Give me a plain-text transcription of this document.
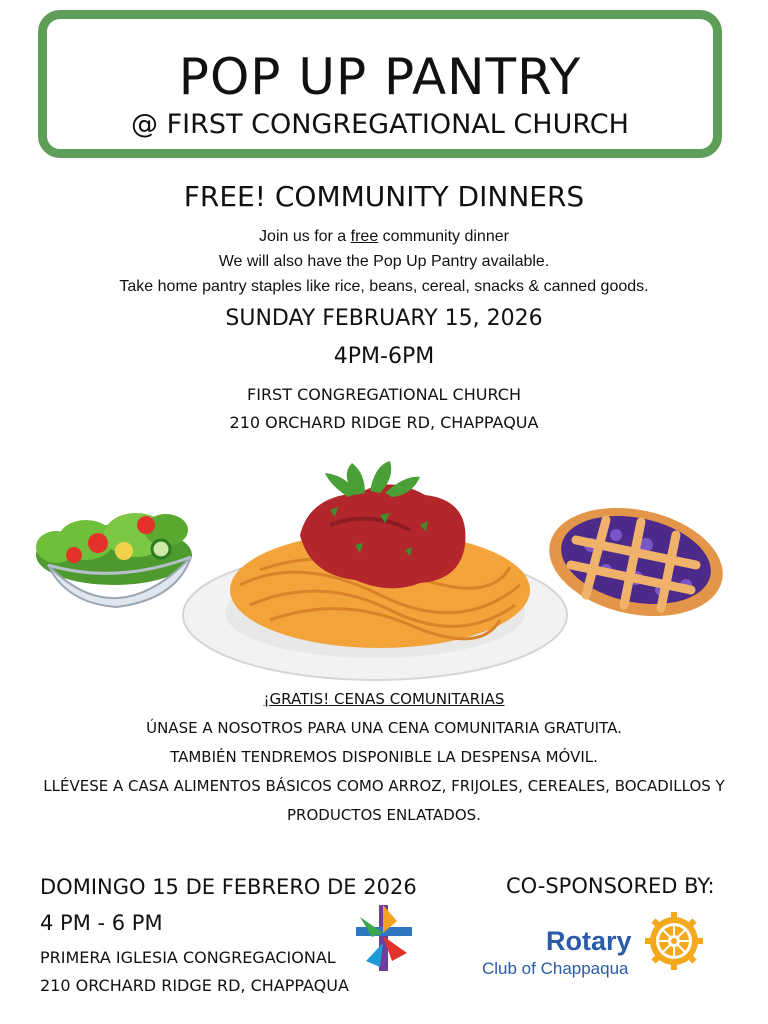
POP UP PANTRY
@ FIRST CONGREGATIONAL CHURCH
FREE! COMMUNITY DINNERS
Join us for a free community dinner
We will also have the Pop Up Pantry available.
Take home pantry staples like rice, beans, cereal, snacks & canned goods.
SUNDAY FEBRUARY 15, 2026
4PM-6PM
FIRST CONGREGATIONAL CHURCH
210 ORCHARD RIDGE RD, CHAPPAQUA
¡GRATIS! CENAS COMUNITARIAS
ÚNASE A NOSOTROS PARA UNA CENA COMUNITARIA GRATUITA.
TAMBIÉN TENDREMOS DISPONIBLE LA DESPENSA MÓVIL.
LLÉVESE A CASA ALIMENTOS BÁSICOS COMO ARROZ, FRIJOLES, CEREALES, BOCADILLOS Y
PRODUCTOS ENLATADOS.
DOMINGO 15 DE FEBRERO DE 2026
4 PM - 6 PM
PRIMERA IGLESIA CONGREGACIONAL
210 ORCHARD RIDGE RD, CHAPPAQUA
CO-SPONSORED BY:
Rotary
Club of Chappaqua
